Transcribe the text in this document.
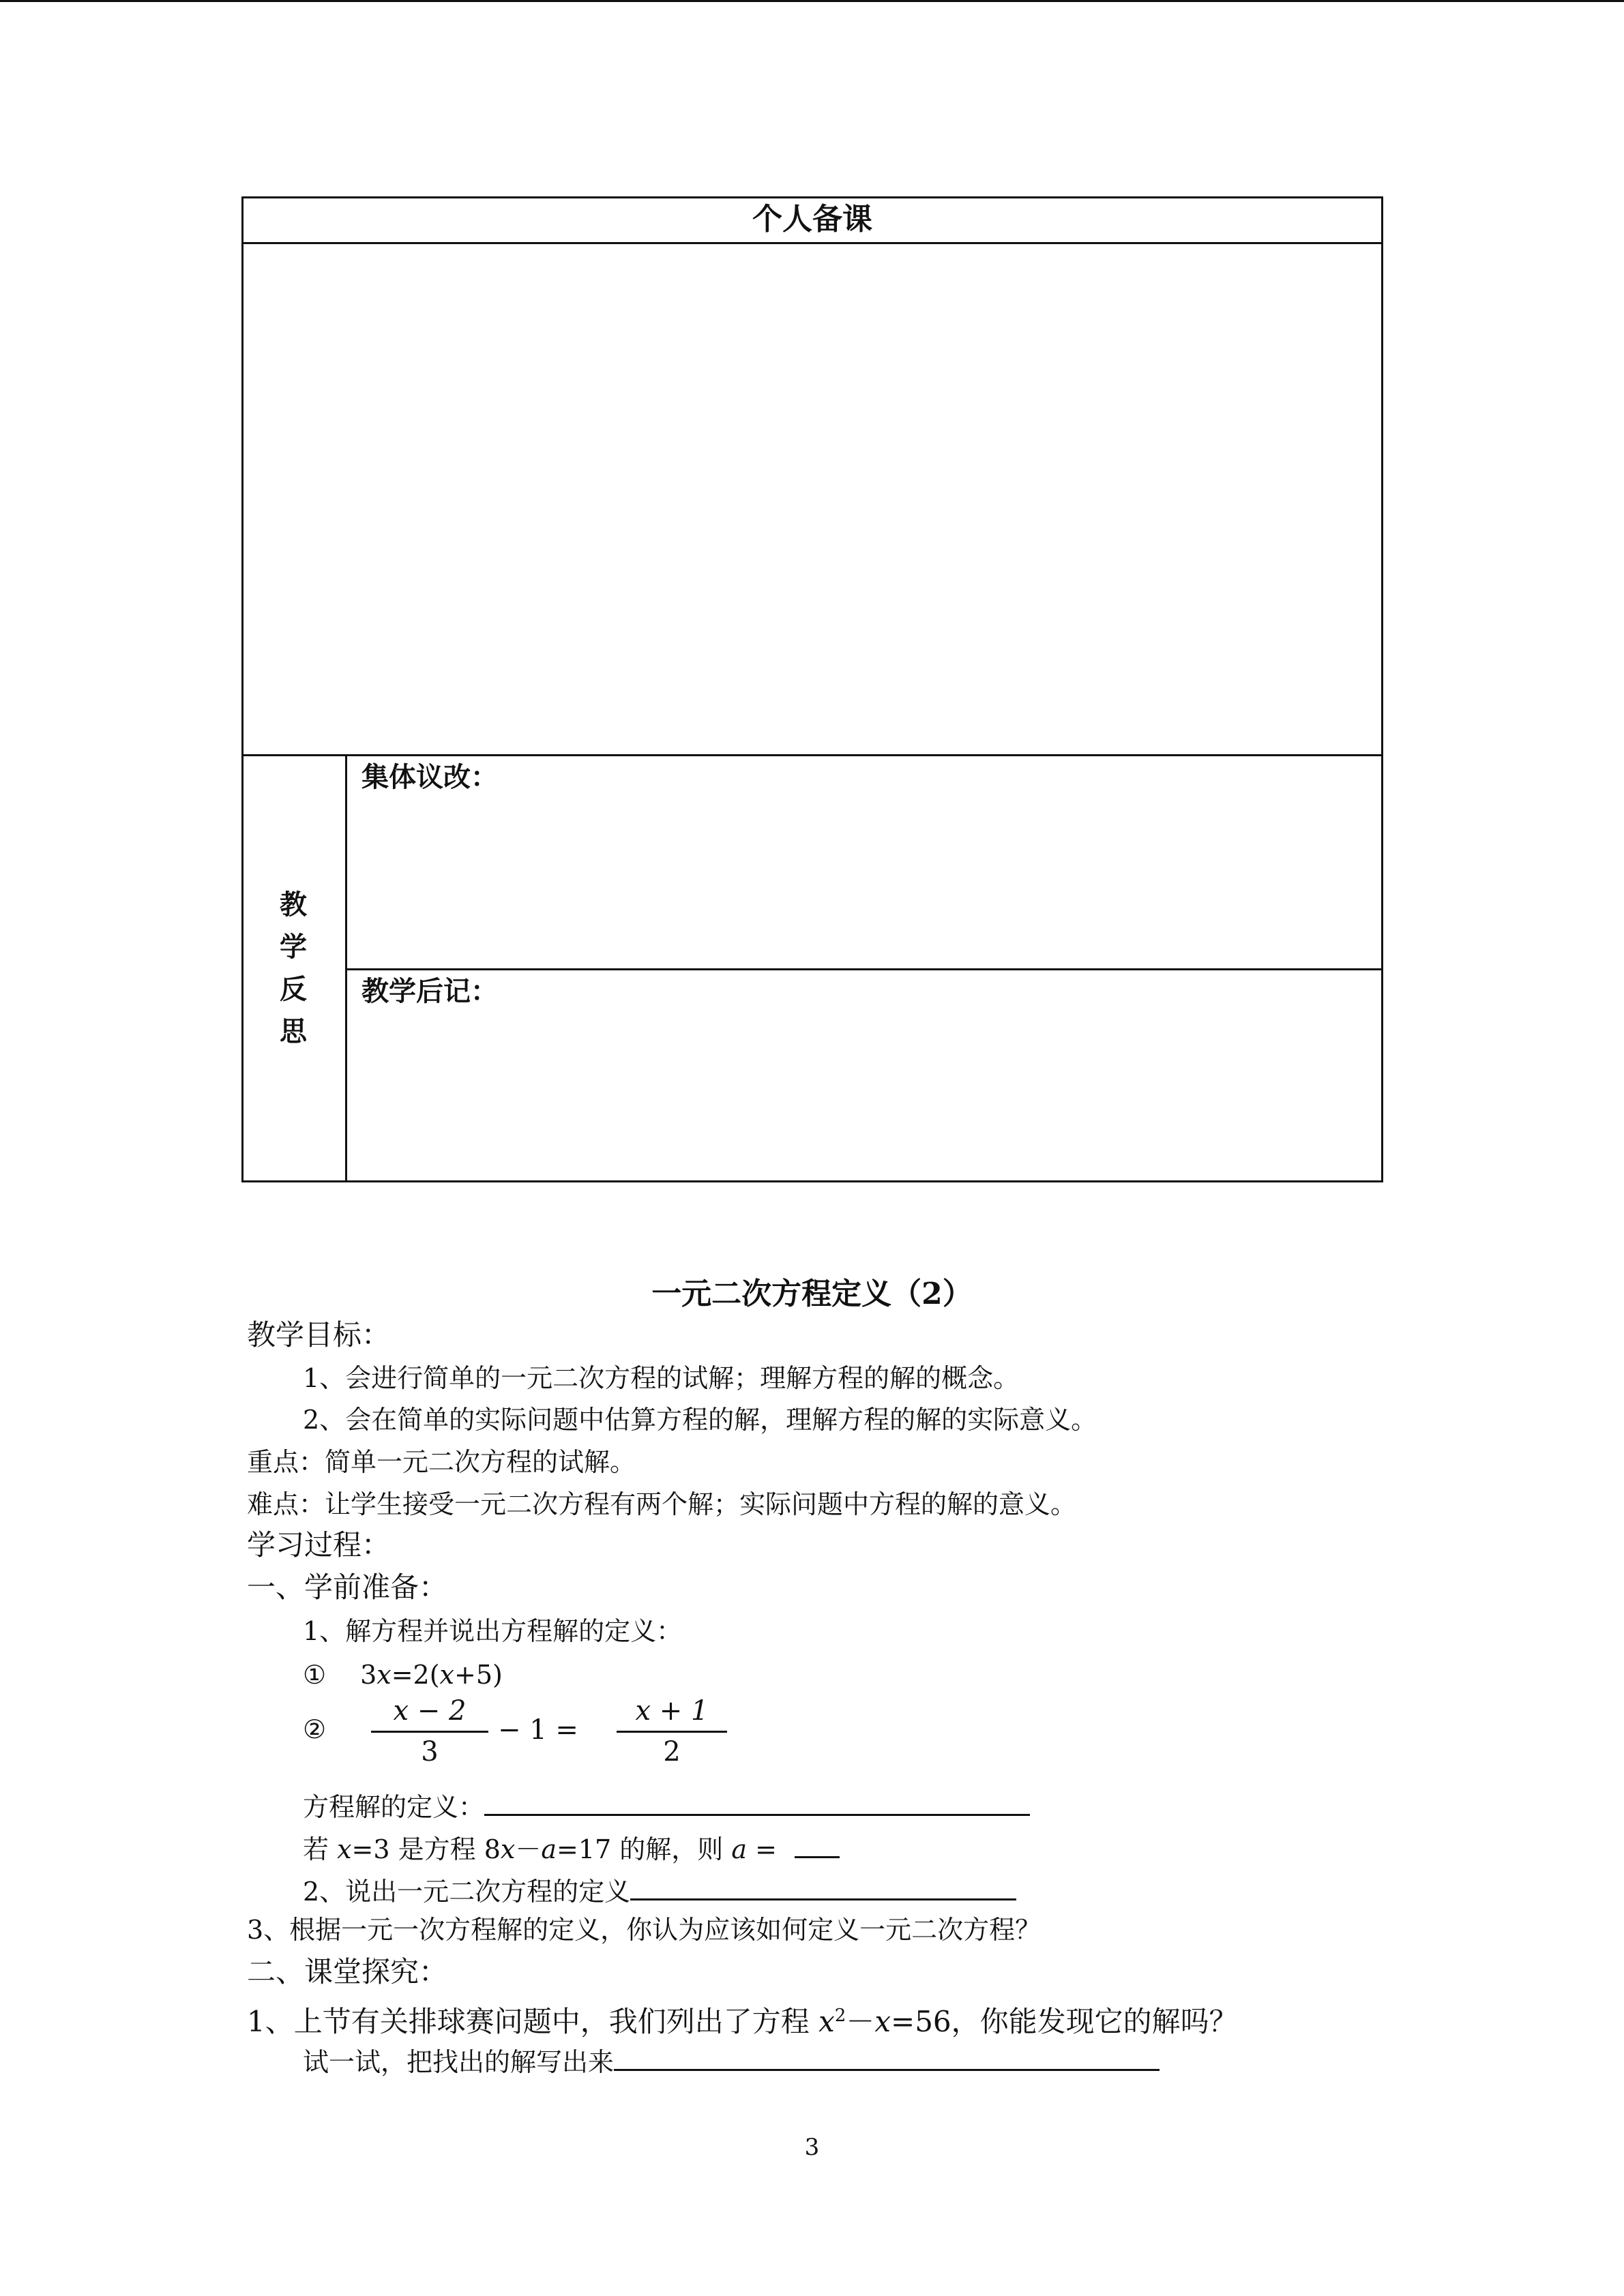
个人备课
教
学
反
思
集体议改：
教学后记：
一元二次方程定义（2）
教学目标：
1、会进行简单的一元二次方程的试解；理解方程的解的概念。
2、会在简单的实际问题中估算方程的解，理解方程的解的实际意义。
重点：简单一元二次方程的试解。
难点：让学生接受一元二次方程有两个解；实际问题中方程的解的意义。
学习过程：
一、学前准备：
1、解方程并说出方程解的定义：
① 3x=2(x+5)
②
x − 2
3
− 1 =
x + 1
2
方程解的定义：
若 x=3 是方程 8x－a=17 的解，则 a =
2、说出一元二次方程的定义
3、根据一元一次方程解的定义，你认为应该如何定义一元二次方程？
二、课堂探究：
1、上节有关排球赛问题中，我们列出了方程 $x^2-x=56$，你能发现它的解吗？
试一试，把找出的解写出来
3
